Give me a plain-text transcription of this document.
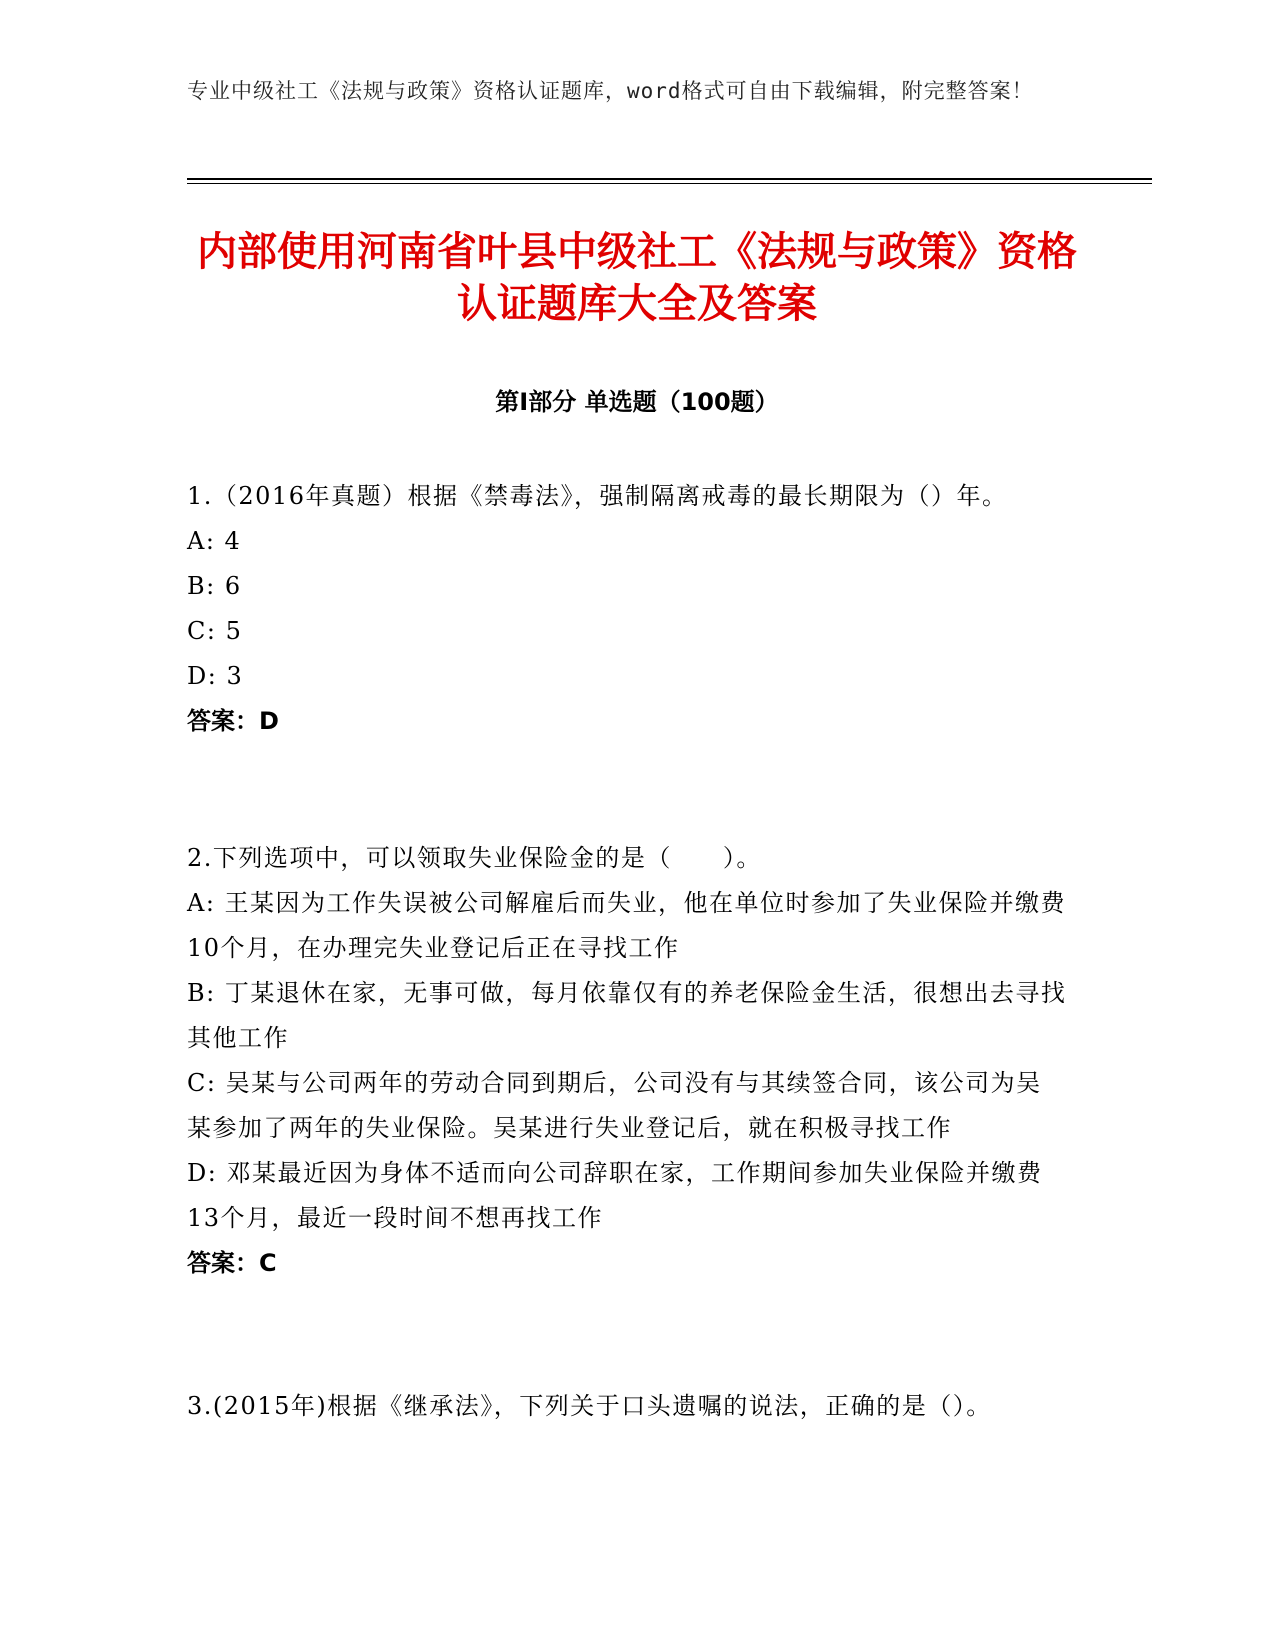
专业中级社工《法规与政策》资格认证题库，word格式可自由下载编辑，附完整答案！
内部使用河南省叶县中级社工《法规与政策》资格认证题库大全及答案
第I部分 单选题（100题）

1.（2016年真题）根据《禁毒法》，强制隔离戒毒的最长期限为（）年。

A: 4

B: 6

C: 5

D: 3

答案：D

2.下列选项中，可以领取失业保险金的是（　　）。

A: 王某因为工作失误被公司解雇后而失业，他在单位时参加了失业保险并缴费10个月，在办理完失业登记后正在寻找工作

B: 丁某退休在家，无事可做，每月依靠仅有的养老保险金生活，很想出去寻找其他工作

C: 吴某与公司两年的劳动合同到期后，公司没有与其续签合同，该公司为吴某参加了两年的失业保险。吴某进行失业登记后，就在积极寻找工作

D: 邓某最近因为身体不适而向公司辞职在家，工作期间参加失业保险并缴费13个月，最近一段时间不想再找工作

答案：C

3.(2015年)根据《继承法》，下列关于口头遗嘱的说法，正确的是（）。
